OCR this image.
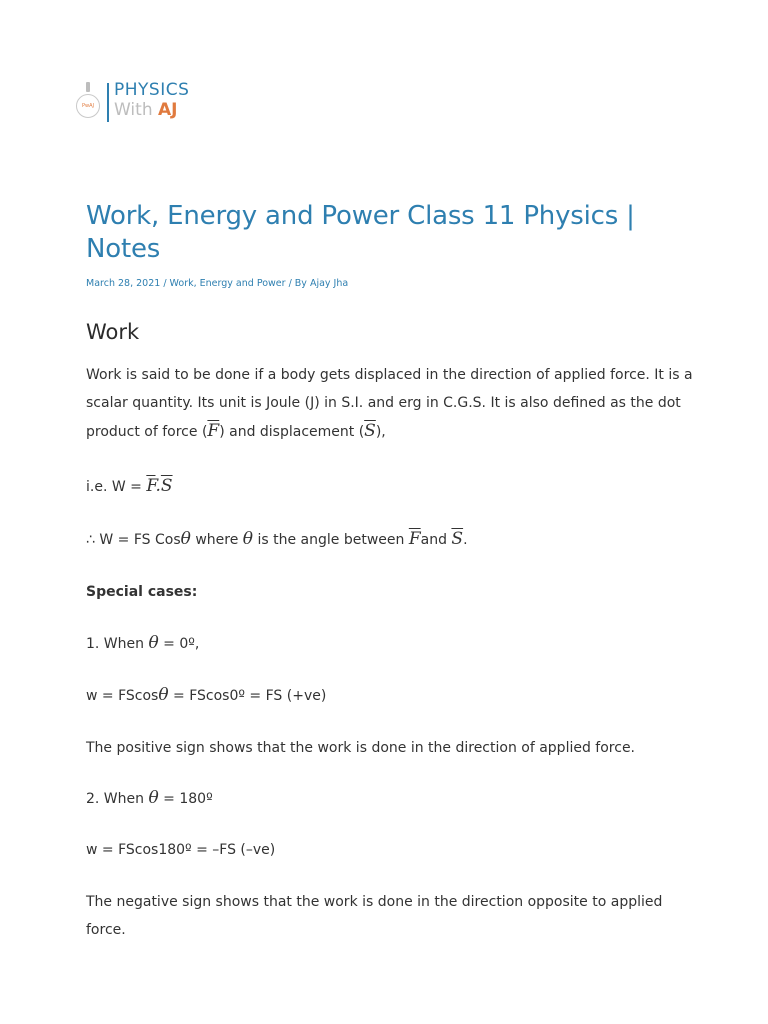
PwAJ
PHYSICS
With AJ
Work, Energy and Power Class 11 Physics | Notes
March 28, 2021 / Work, Energy and Power / By Ajay Jha
Work

Work is said to be done if a body gets displaced in the direction of applied force. It is a scalar quantity. Its unit is Joule (J) in S.I. and erg in C.G.S. It is also defined as the dot product of force $(\overline{F})$ and displacement $(\overline{S})$,

i.e. $W = \overline{F}.\overline{S}$

∴ W = FS Cosθ where θ is the angle between $\overline{F}and$ $\overline{S}$.

Special cases:

1. When θ = 0º,

w = FScosθ = FScos0º = FS (+ve)

The positive sign shows that the work is done in the direction of applied force.

2. When θ = 180º

w = FScos180º = –FS (–ve)

The negative sign shows that the work is done in the direction opposite to applied force.
